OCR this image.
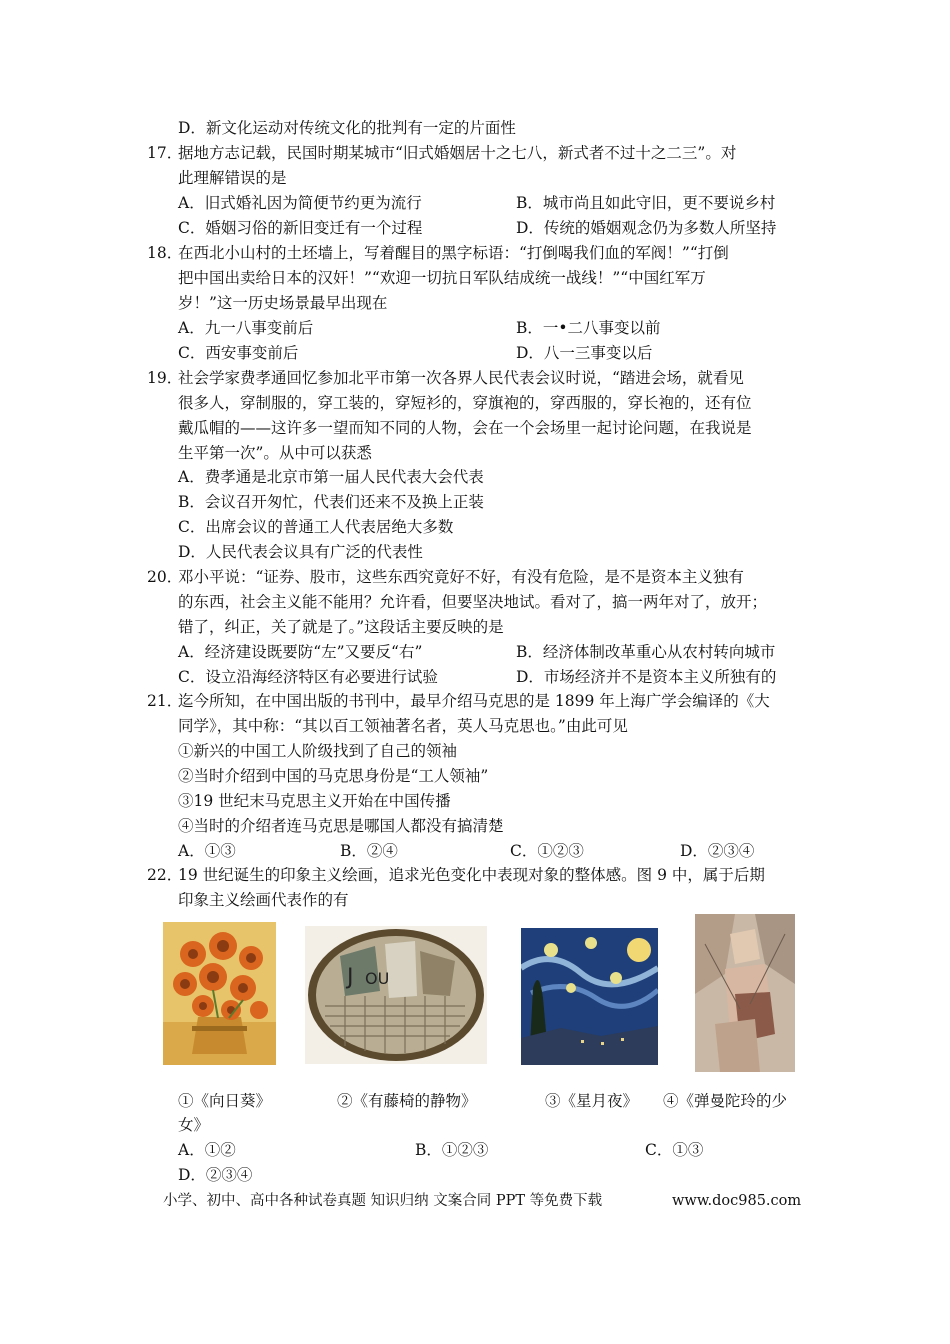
D．新文化运动对传统文化的批判有一定的片面性
17．
据地方志记载，民国时期某城市“旧式婚姻居十之七八，新式者不过十之二三”。对
此理解错误的是
A．旧式婚礼因为简便节约更为流行	B．城市尚且如此守旧，更不要说乡村
C．婚姻习俗的新旧变迁有一个过程	D．传统的婚姻观念仍为多数人所坚持
18．
在西北小山村的土坯墙上，写着醒目的黑字标语：“打倒喝我们血的军阀！”“打倒
把中国出卖给日本的汉奸！”“欢迎一切抗日军队结成统一战线！”“中国红军万
岁！”这一历史场景最早出现在
A．九一八事变前后	B．一•二八事变以前
C．西安事变前后	D．八一三事变以后
19．
社会学家费孝通回忆参加北平市第一次各界人民代表会议时说，“踏进会场，就看见
很多人，穿制服的，穿工装的，穿短衫的，穿旗袍的，穿西服的，穿长袍的，还有位
戴瓜帽的——这许多一望而知不同的人物，会在一个会场里一起讨论问题，在我说是
生平第一次”。从中可以获悉
A．费孝通是北京市第一届人民代表大会代表
B．会议召开匆忙，代表们还来不及换上正装
C．出席会议的普通工人代表居绝大多数
D．人民代表会议具有广泛的代表性
20．
邓小平说：“证券、股市，这些东西究竟好不好，有没有危险，是不是资本主义独有
的东西，社会主义能不能用？允许看，但要坚决地试。看对了，搞一两年对了，放开；
错了，纠正，关了就是了。”这段话主要反映的是
A．经济建设既要防“左”又要反“右”	B．经济体制改革重心从农村转向城市
C．设立沿海经济特区有必要进行试验	D．市场经济并不是资本主义所独有的
21．
迄今所知，在中国出版的书刊中，最早介绍马克思的是 1899 年上海广学会编译的《大
同学》，其中称：“其以百工领袖著名者，英人马克思也。”由此可见
①新兴的中国工人阶级找到了自己的领袖
②当时介绍到中国的马克思身份是“工人领袖”
③19 世纪末马克思主义开始在中国传播
④当时的介绍者连马克思是哪国人都没有搞清楚
A．①③	B．②④	C．①②③	D．②③④
22．
19 世纪诞生的印象主义绘画，追求光色变化中表现对象的整体感。图 9 中，属于后期
印象主义绘画代表作的有
J OU
①《向日葵》	②《有藤椅的静物》	③《星月夜》 ④《弹曼陀玲的少
女》
A．①②	B．①②③	C．①③
D．②③④
小学、初中、高中各种试卷真题 知识归纳 文案合同 PPT 等免费下载	www.doc985.com
